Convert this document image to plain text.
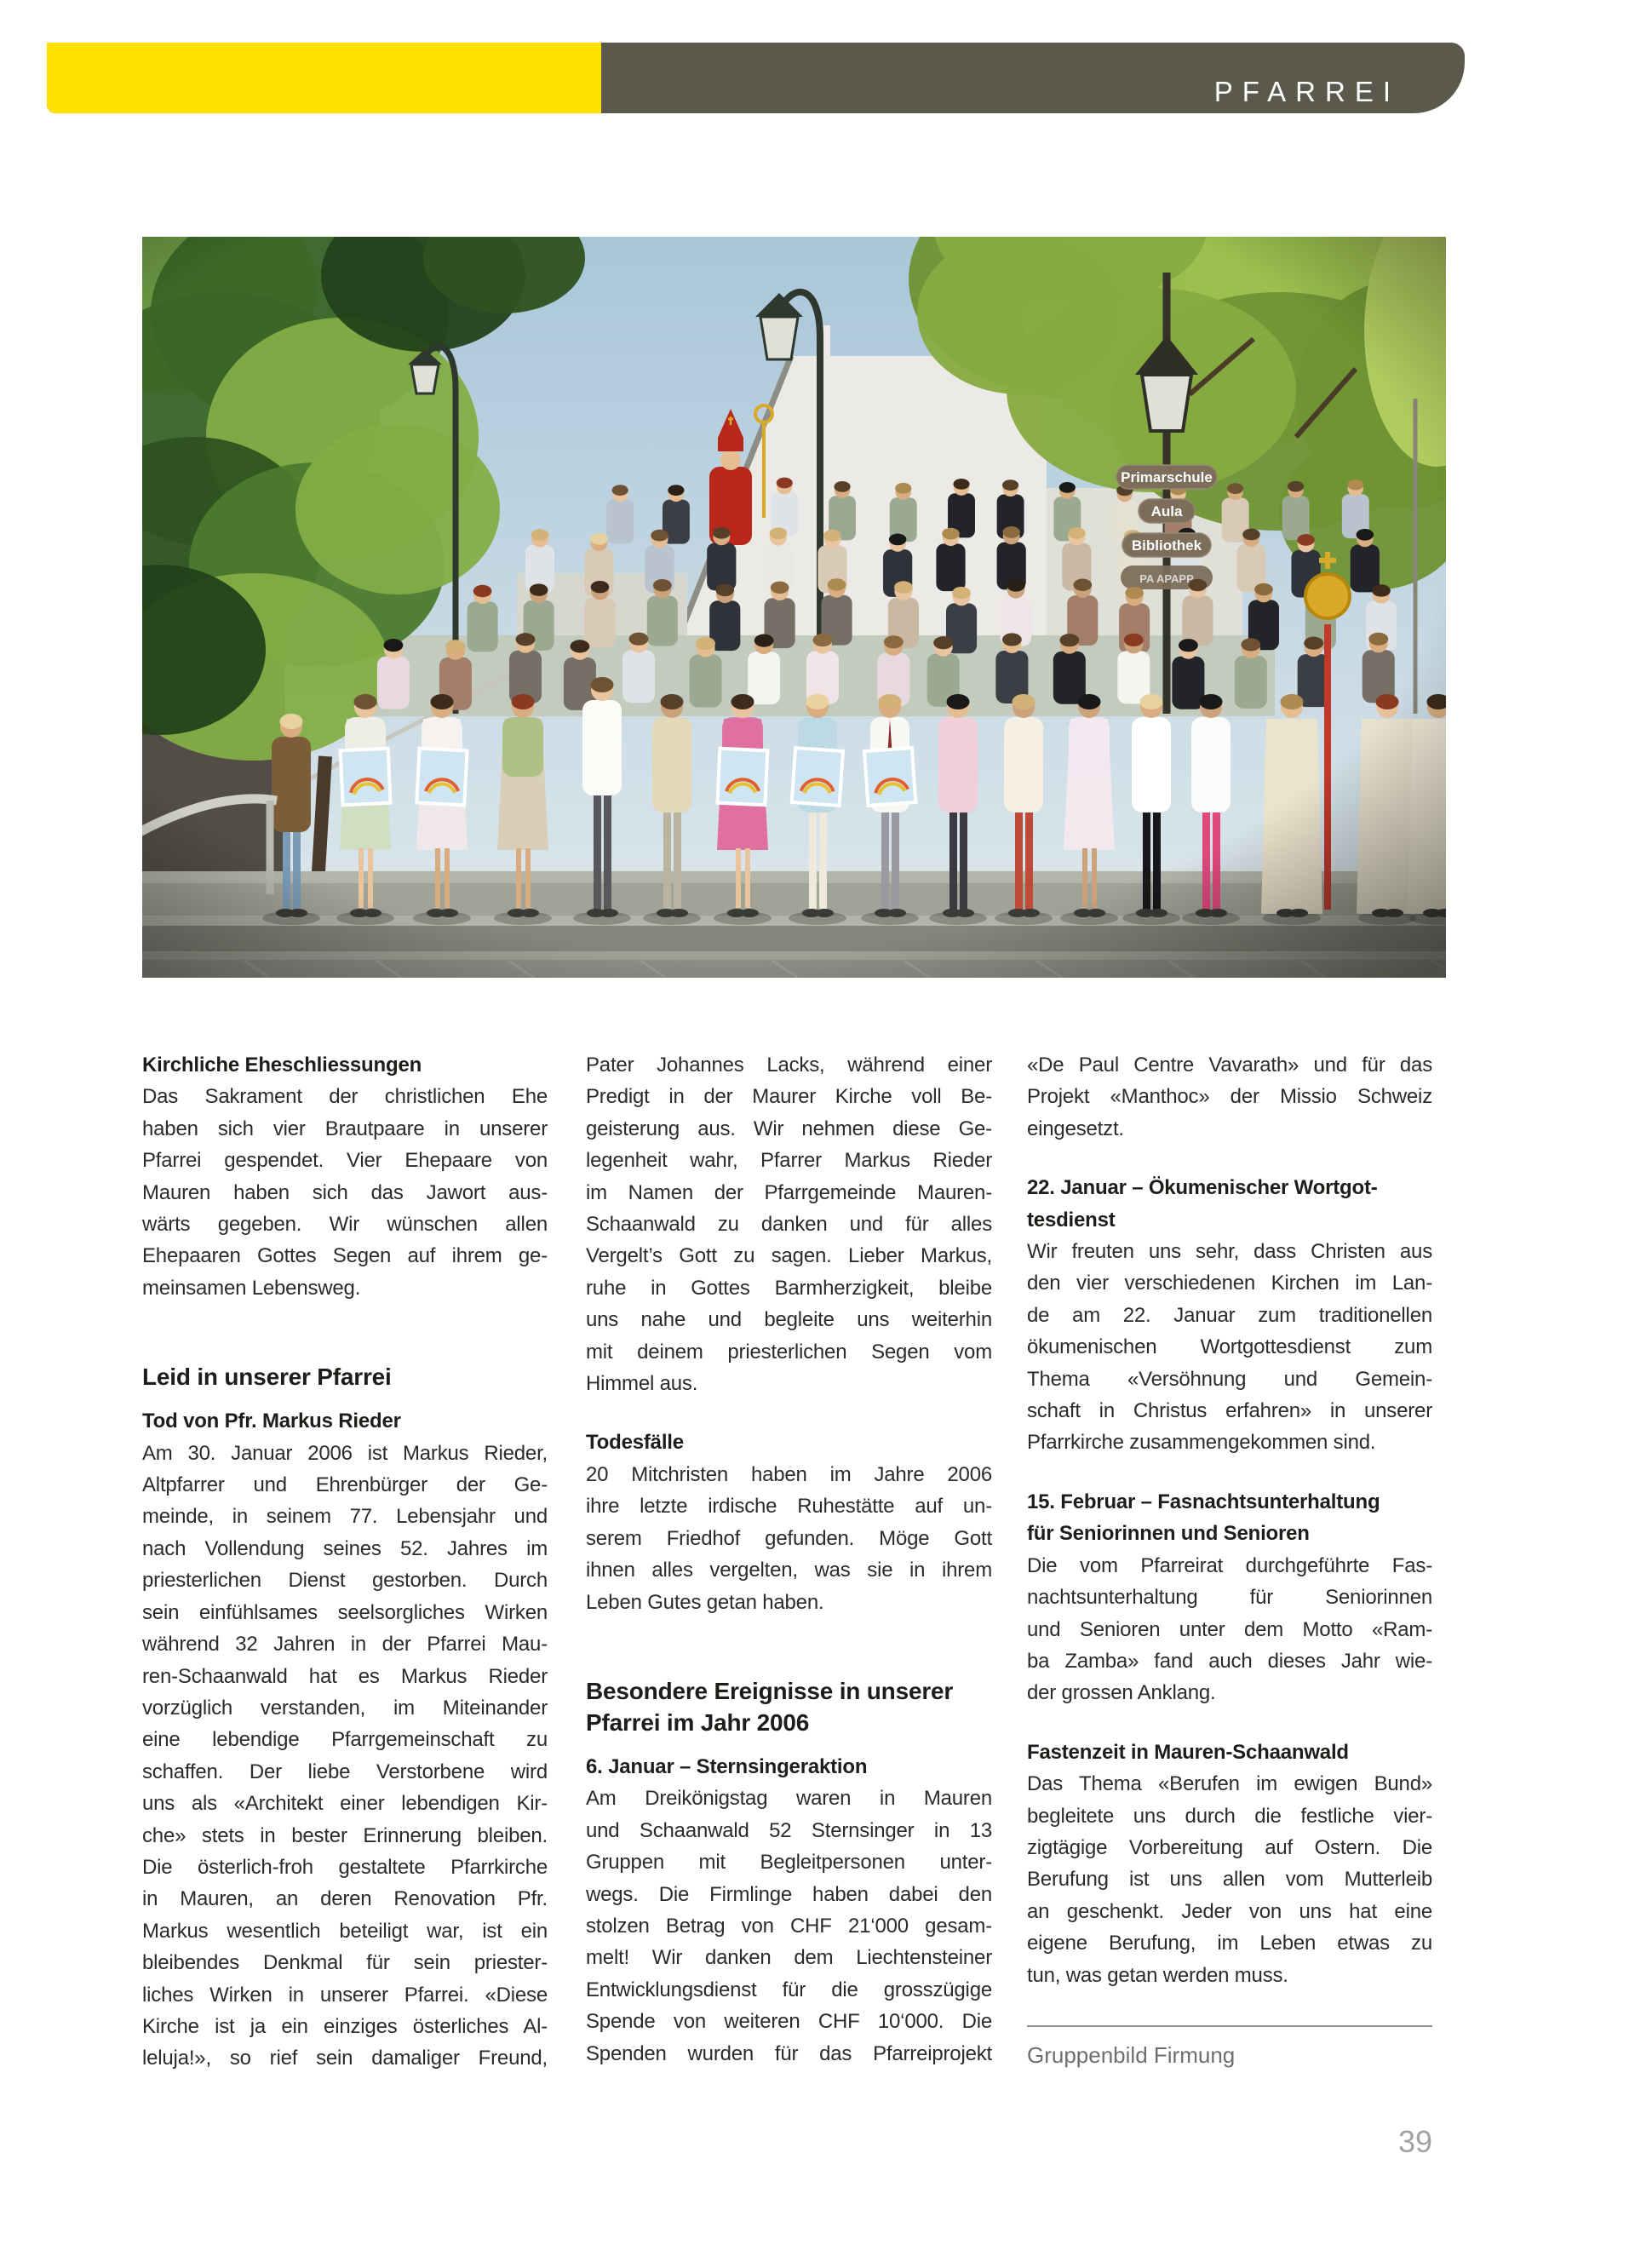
PFARREI
Kirchliche Eheschliessungen
Das Sakrament der christlichen Ehe
haben sich vier Brautpaare in unserer
Pfarrei gespendet. Vier Ehepaare von
Mauren haben sich das Jawort aus-
wärts gegeben. Wir wünschen allen
Ehepaaren Gottes Segen auf ihrem ge-
meinsamen Lebensweg.
Leid in unserer Pfarrei
Tod von Pfr. Markus Rieder
Am 30. Januar 2006 ist Markus Rieder,
Altpfarrer und Ehrenbürger der Ge-
meinde, in seinem 77. Lebensjahr und
nach Vollendung seines 52. Jahres im
priesterlichen Dienst gestorben. Durch
sein einfühlsames seelsorgliches Wirken
während 32 Jahren in der Pfarrei Mau-
ren-Schaanwald hat es Markus Rieder
vorzüglich verstanden, im Miteinander
eine lebendige Pfarrgemeinschaft zu
schaffen. Der liebe Verstorbene wird
uns als «Architekt einer lebendigen Kir-
che» stets in bester Erinnerung bleiben.
Die österlich-froh gestaltete Pfarrkirche
in Mauren, an deren Renovation Pfr.
Markus wesentlich beteiligt war, ist ein
bleibendes Denkmal für sein priester-
liches Wirken in unserer Pfarrei. «Diese
Kirche ist ja ein einziges österliches Al-
leluja!», so rief sein damaliger Freund,
Pater Johannes Lacks, während einer
Predigt in der Maurer Kirche voll Be-
geisterung aus. Wir nehmen diese Ge-
legenheit wahr, Pfarrer Markus Rieder
im Namen der Pfarrgemeinde Mauren-
Schaanwald zu danken und für alles
Vergelt’s Gott zu sagen. Lieber Markus,
ruhe in Gottes Barmherzigkeit, bleibe
uns nahe und begleite uns weiterhin
mit deinem priesterlichen Segen vom
Himmel aus.
Todesfälle
20 Mitchristen haben im Jahre 2006
ihre letzte irdische Ruhestätte auf un-
serem Friedhof gefunden. Möge Gott
ihnen alles vergelten, was sie in ihrem
Leben Gutes getan haben.
Besondere Ereignisse in unserer
Pfarrei im Jahr 2006
6. Januar – Sternsingeraktion
Am Dreikönigstag waren in Mauren
und Schaanwald 52 Sternsinger in 13
Gruppen mit Begleitpersonen unter-
wegs. Die Firmlinge haben dabei den
stolzen Betrag von CHF 21‘000 gesam-
melt! Wir danken dem Liechtensteiner
Entwicklungsdienst für die grosszügige
Spende von weiteren CHF 10‘000. Die
Spenden wurden für das Pfarreiprojekt
«De Paul Centre Vavarath» und für das
Projekt «Manthoc» der Missio Schweiz
eingesetzt.
22. Januar – Ökumenischer Wortgot-
tesdienst
Wir freuten uns sehr, dass Christen aus
den vier verschiedenen Kirchen im Lan-
de am 22. Januar zum traditionellen
ökumenischen Wortgottesdienst zum
Thema «Versöhnung und Gemein-
schaft in Christus erfahren» in unserer
Pfarrkirche zusammengekommen sind.
15. Februar – Fasnachtsunterhaltung
für Seniorinnen und Senioren
Die vom Pfarreirat durchgeführte Fas-
nachtsunterhaltung für Seniorinnen
und Senioren unter dem Motto «Ram-
ba Zamba» fand auch dieses Jahr wie-
der grossen Anklang.
Fastenzeit in Mauren-Schaanwald
Das Thema «Berufen im ewigen Bund»
begleitete uns durch die festliche vier-
zigtägige Vorbereitung auf Ostern. Die
Berufung ist uns allen vom Mutterleib
an geschenkt. Jeder von uns hat eine
eigene Berufung, im Leben etwas zu
tun, was getan werden muss.
Gruppenbild Firmung
39
